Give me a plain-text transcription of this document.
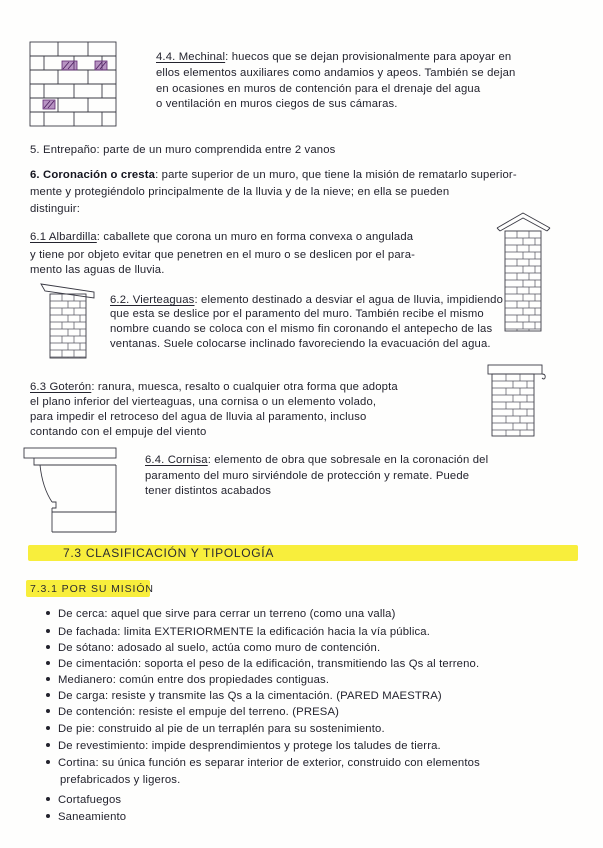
4.4. Mechinal: huecos que se dejan provisionalmente para apoyar en
ellos elementos auxiliares como andamios y apeos. También se dejan
en ocasiones en muros de contención para el drenaje del agua
o ventilación en muros ciegos de sus cámaras.
5. Entrepaño: parte de un muro comprendida entre 2 vanos
6. Coronación o cresta: parte superior de un muro, que tiene la misión de rematarlo superior-
mente y protegiéndolo principalmente de la lluvia y de la nieve; en ella se pueden
distinguir:
6.1 Albardilla: caballete que corona un muro en forma convexa o angulada
y tiene por objeto evitar que penetren en el muro o se deslicen por el para-
mento las aguas de lluvia.
6.2. Vierteaguas: elemento destinado a desviar el agua de lluvia, impidiendo
que esta se deslice por el paramento del muro. También recibe el mismo
nombre cuando se coloca con el mismo fin coronando el antepecho de las
ventanas. Suele colocarse inclinado favoreciendo la evacuación del agua.
6.3 Goterón: ranura, muesca, resalto o cualquier otra forma que adopta
el plano inferior del vierteaguas, una cornisa o un elemento volado,
para impedir el retroceso del agua de lluvia al paramento, incluso
contando con el empuje del viento
6.4. Cornisa: elemento de obra que sobresale en la coronación del
paramento del muro sirviéndole de protección y remate. Puede
tener distintos acabados
7.3 CLASIFICACIÓN Y TIPOLOGÍA
7.3.1 POR SU MISIÓN
De cerca: aquel que sirve para cerrar un terreno (como una valla)
De fachada: limita EXTERIORMENTE la edificación hacia la vía pública.
De sótano: adosado al suelo, actúa como muro de contención.
De cimentación: soporta el peso de la edificación, transmitiendo las Qs al terreno.
Medianero: común entre dos propiedades contiguas.
De carga: resiste y transmite las Qs a la cimentación. (PARED MAESTRA)
De contención: resiste el empuje del terreno. (PRESA)
De pie: construido al pie de un terraplén para su sostenimiento.
De revestimiento: impide desprendimientos y protege los taludes de tierra.
Cortina: su única función es separar interior de exterior, construido con elementos
prefabricados y ligeros.
Cortafuegos
Saneamiento
